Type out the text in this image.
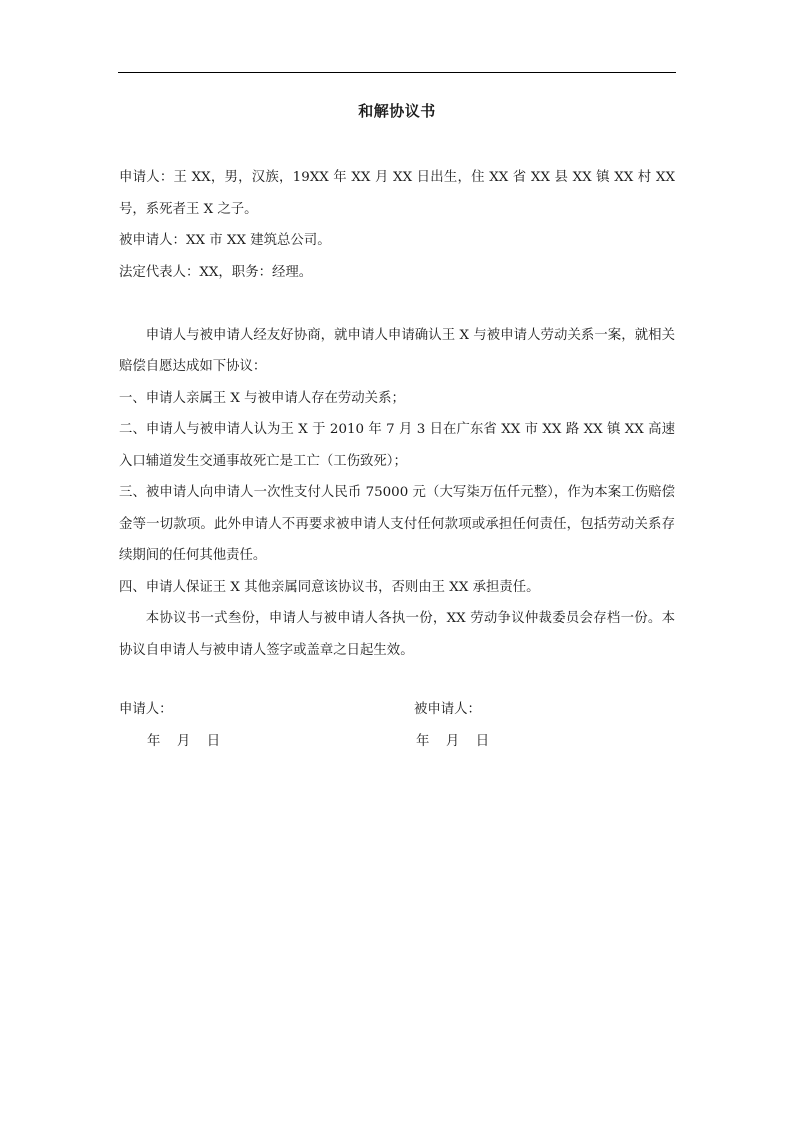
和解协议书

申请人：王 XX，男，汉族，19XX 年 XX 月 XX 日出生，住 XX 省 XX 县 XX 镇 XX 村 XX 号，系死者王 X 之子。

被申请人：XX 市 XX 建筑总公司。

法定代表人：XX，职务：经理。

申请人与被申请人经友好协商，就申请人申请确认王 X 与被申请人劳动关系一案，就相关赔偿自愿达成如下协议：

一、申请人亲属王 X 与被申请人存在劳动关系；

二、申请人与被申请人认为王 X 于 2010 年 7 月 3 日在广东省 XX 市 XX 路 XX 镇 XX 高速入口辅道发生交通事故死亡是工亡（工伤致死）；

三、被申请人向申请人一次性支付人民币 75000 元（大写柒万伍仟元整），作为本案工伤赔偿金等一切款项。此外申请人不再要求被申请人支付任何款项或承担任何责任，包括劳动关系存续期间的任何其他责任。

四、申请人保证王 X 其他亲属同意该协议书，否则由王 XX 承担责任。

本协议书一式叁份，申请人与被申请人各执一份，XX 劳动争议仲裁委员会存档一份。本协议自申请人与被申请人签字或盖章之日起生效。

申请人：
年  月  日
被申请人：
年  月  日
